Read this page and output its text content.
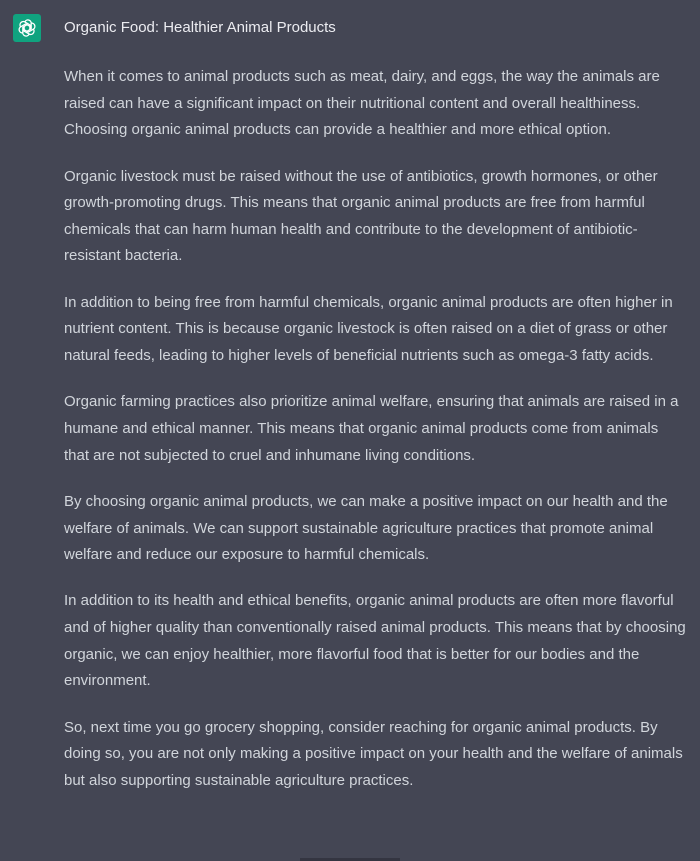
Organic Food: Healthier Animal Products

When it comes to animal products such as meat, dairy, and eggs, the way the animals are raised can have a significant impact on their nutritional content and overall healthiness. Choosing organic animal products can provide a healthier and more ethical option.

Organic livestock must be raised without the use of antibiotics, growth hormones, or other growth-promoting drugs. This means that organic animal products are free from harmful chemicals that can harm human health and contribute to the development of antibiotic-resistant bacteria.

In addition to being free from harmful chemicals, organic animal products are often higher in nutrient content. This is because organic livestock is often raised on a diet of grass or other natural feeds, leading to higher levels of beneficial nutrients such as omega-3 fatty acids.

Organic farming practices also prioritize animal welfare, ensuring that animals are raised in a humane and ethical manner. This means that organic animal products come from animals that are not subjected to cruel and inhumane living conditions.

By choosing organic animal products, we can make a positive impact on our health and the welfare of animals. We can support sustainable agriculture practices that promote animal welfare and reduce our exposure to harmful chemicals.

In addition to its health and ethical benefits, organic animal products are often more flavorful and of higher quality than conventionally raised animal products. This means that by choosing organic, we can enjoy healthier, more flavorful food that is better for our bodies and the environment.

So, next time you go grocery shopping, consider reaching for organic animal products. By doing so, you are not only making a positive impact on your health and the welfare of animals but also supporting sustainable agriculture practices.
